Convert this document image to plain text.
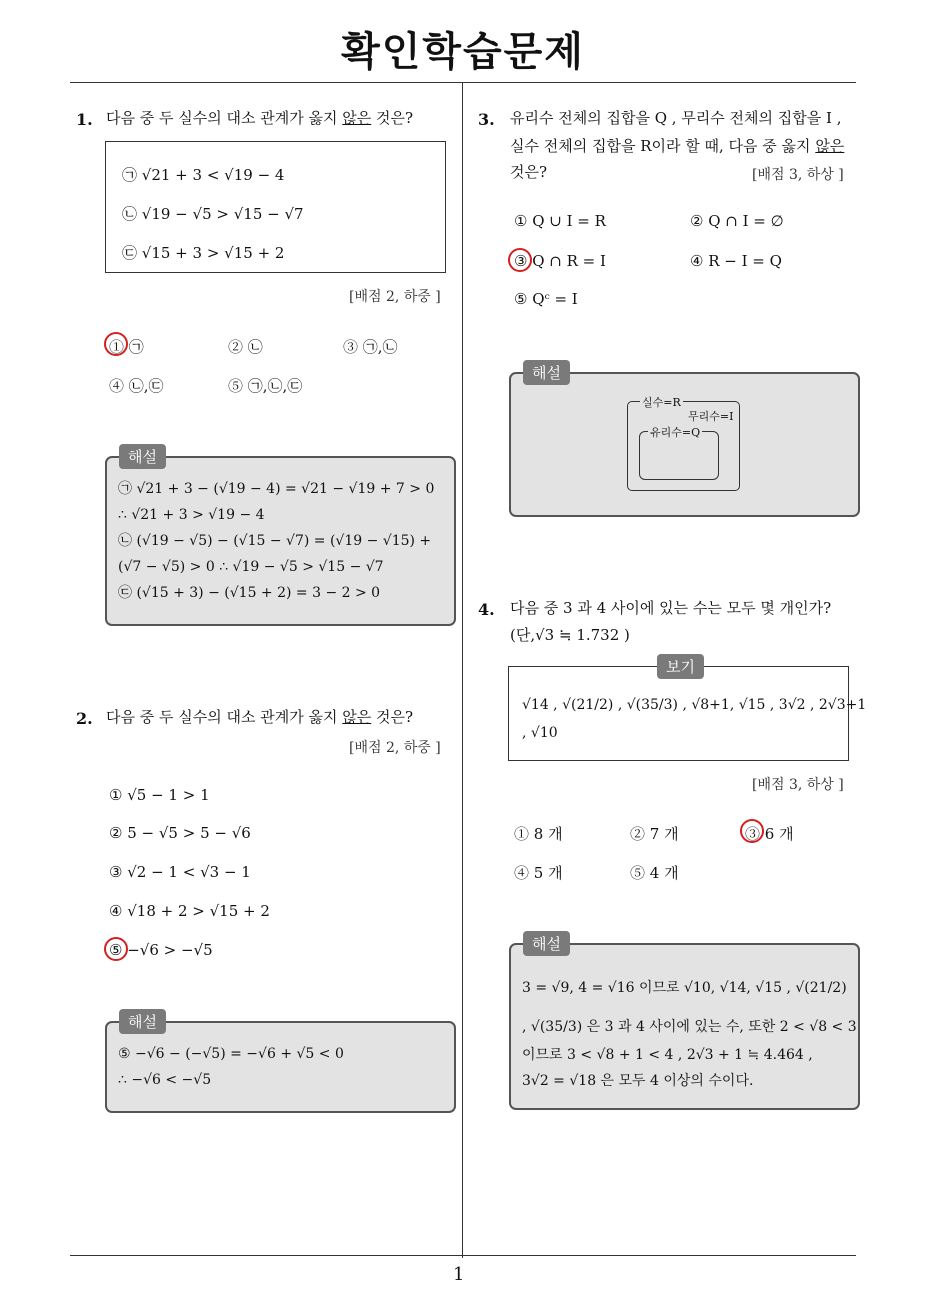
확인학습문제
1
1. 다음 중 두 실수의 대소 관계가 옳지 않은 것은?
㉠ √21 + 3 < √19 − 4
㉡ √19 − √5 > √15 − √7
㉢ √15 + 3 > √15 + 2
[배점 2, 하중 ]
① ㉠	② ㉡	③ ㉠,㉡
④ ㉡,㉢	⑤ ㉠,㉡,㉢
해설
㉠ √21 + 3 − (√19 − 4) = √21 − √19 + 7 > 0
∴ √21 + 3 > √19 − 4
㉡ (√19 − √5) − (√15 − √7) = (√19 − √15) +
(√7 − √5) > 0 ∴ √19 − √5 > √15 − √7
㉢ (√15 + 3) − (√15 + 2) = 3 − 2 > 0
2. 다음 중 두 실수의 대소 관계가 옳지 않은 것은?
[배점 2, 하중 ]
① √5 − 1 > 1
② 5 − √5 > 5 − √6
③ √2 − 1 < √3 − 1
④ √18 + 2 > √15 + 2
⑤ −√6 > −√5
해설
⑤ −√6 − (−√5) = −√6 + √5 < 0
∴ −√6 < −√5
3. 유리수 전체의 집합을 Q , 무리수 전체의 집합을 I ,
실수 전체의 집합을 R이라 할 때, 다음 중 옳지 않은
것은?	[배점 3, 하상 ]
① Q ∪ I = R	② Q ∩ I = ∅
③ Q ∩ R = I	④ R − I = Q
⑤ Qᶜ = I
해설
실수=R
무리수=I
유리수=Q
4. 다음 중 3 과 4 사이에 있는 수는 모두 몇 개인가?
(단,√3 ≒ 1.732 )
보기
√14 , √(21/2) , √(35/3) , √8+1, √15 , 3√2 , 2√3+1
, √10
[배점 3, 하상 ]
① 8 개	② 7 개	③ 6 개
④ 5 개	⑤ 4 개
해설
3 = √9, 4 = √16 이므로 √10, √14, √15 , √(21/2)
, √(35/3) 은 3 과 4 사이에 있는 수, 또한 2 < √8 < 3
이므로 3 < √8 + 1 < 4 , 2√3 + 1 ≒ 4.464 ,
3√2 = √18 은 모두 4 이상의 수이다.
